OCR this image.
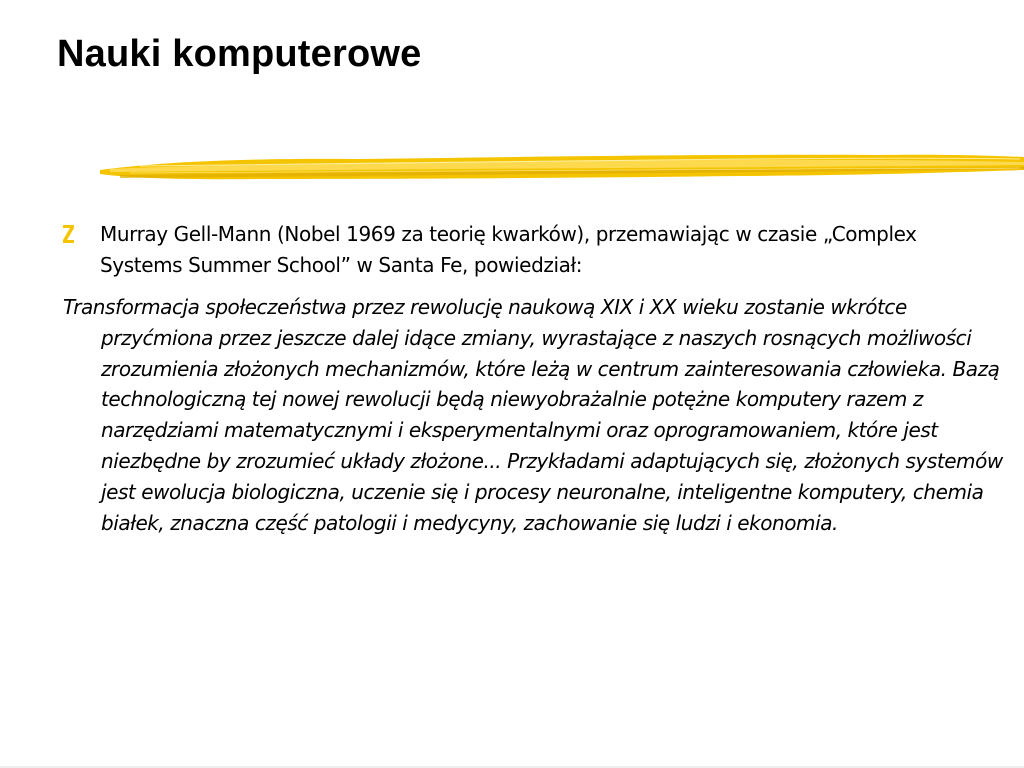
Nauki komputerowe

Murray Gell-Mann (Nobel 1969 za teorię kwarków), przemawiając w czasie „Complex Systems Summer School” w Santa Fe, powiedział:

Transformacja społeczeństwa przez rewolucję naukową XIX i XX wieku zostanie wkrótce przyćmiona przez jeszcze dalej idące zmiany, wyrastające z naszych rosnących możliwości zrozumienia złożonych mechanizmów, które leżą w centrum zainteresowania człowieka. Bazą technologiczną tej nowej rewolucji będą niewyobrażalnie potężne komputery razem z narzędziami matematycznymi i eksperymentalnymi oraz oprogramowaniem, które jest niezbędne by zrozumieć układy złożone... Przykładami adaptujących się, złożonych systemów jest ewolucja biologiczna, uczenie się i procesy neuronalne, inteligentne komputery, chemia białek, znaczna część patologii i medycyny, zachowanie się ludzi i ekonomia.
